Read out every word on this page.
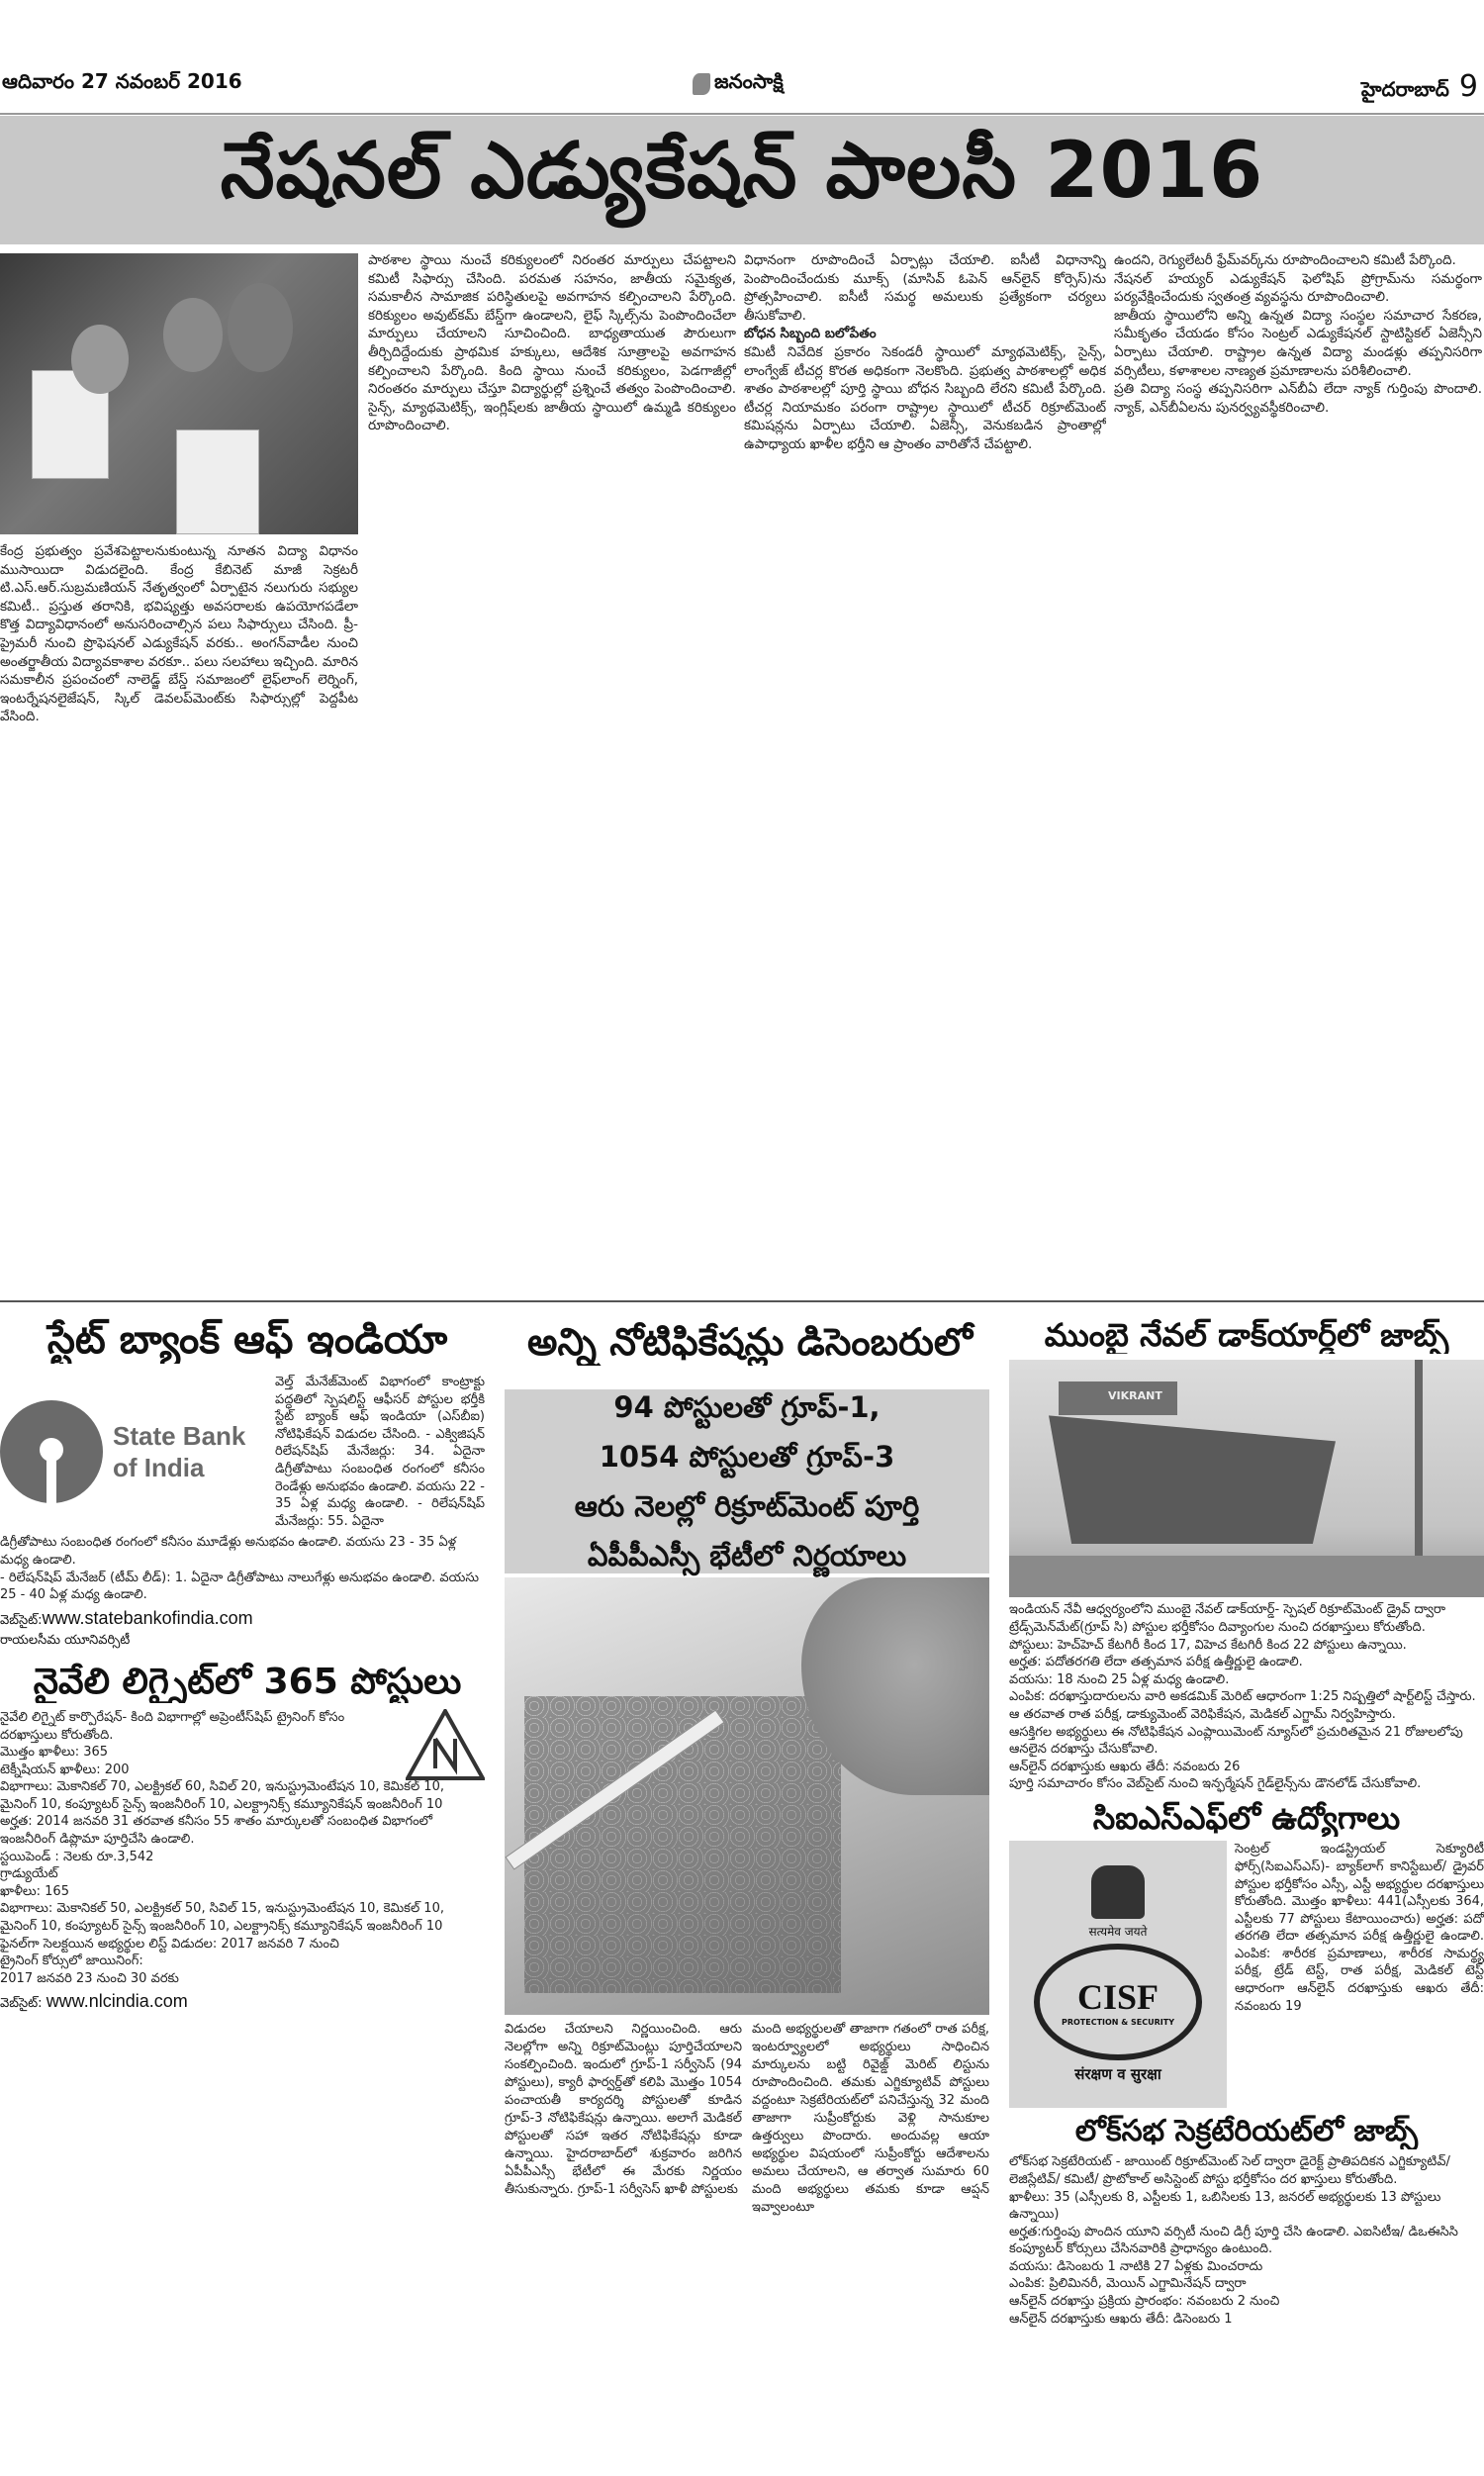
ఆదివారం 27 నవంబర్ 2016	జనంసాక్షి	హైదరాబాద్ 9
నేషనల్ ఎడ్యుకేషన్ పాలసీ 2016

కేంద్ర ప్రభుత్వం ప్రవేశపెట్టాలనుకుంటున్న నూతన విద్యా విధానం ముసాయిదా విడుదలైంది. కేంద్ర కేబినెట్ మాజీ సెక్రటరీ టి.ఎస్.ఆర్.సుబ్రమణియన్ నేతృత్వంలో ఏర్పాటైన నలుగురు సభ్యుల కమిటీ.. ప్రస్తుత తరానికి, భవిష్యత్తు అవసరాలకు ఉపయోగపడేలా కొత్త విద్యావిధానంలో అనుసరించాల్సిన పలు సిఫార్సులు చేసింది. ప్రీ-ప్రైమరీ నుంచి ప్రొఫెషనల్ ఎడ్యుకేషన్ వరకు.. అంగన్‌వాడీల నుంచి అంతర్జాతీయ విద్యావకాశాల వరకూ.. పలు సలహాలు ఇచ్చింది. మారిన సమకాలీన ప్రపంచంలో నాలెడ్జ్ బేస్డ్ సమాజంలో లైఫ్‌లాంగ్ లెర్నింగ్, ఇంటర్నేషనలైజేషన్, స్కిల్ డెవలప్‌మెంట్‌కు సిఫార్సుల్లో పెద్దపీట వేసింది.

పాఠశాల స్థాయి నుంచే కరిక్యులంలో నిరంతర మార్పులు చేపట్టాలని కమిటీ సిఫార్సు చేసింది. పరమత సహనం, జాతీయ సమైక్యత, సమకాలీన సామాజిక పరిస్థితులపై అవగాహన కల్పించాలని పేర్కొంది. కరిక్యులం అవుట్‌కమ్ బేస్డ్‌గా ఉండాలని, లైఫ్ స్కిల్స్‌ను పెంపొందించేలా మార్పులు చేయాలని సూచించింది. బాధ్యతాయుత పౌరులుగా తీర్చిదిద్దేందుకు ప్రాథమిక హక్కులు, ఆదేశిక సూత్రాలపై అవగాహన కల్పించాలని పేర్కొంది. కింది స్థాయి నుంచే కరిక్యులం, పెడగాజీల్లో నిరంతరం మార్పులు చేస్తూ విద్యార్థుల్లో ప్రశ్నించే తత్వం పెంపొందించాలి. సైన్స్, మ్యాథమెటిక్స్, ఇంగ్లిష్‌లకు జాతీయ స్థాయిలో ఉమ్మడి కరిక్యులం రూపొందించాలి.

విధానంగా రూపొందించే ఏర్పాట్లు చేయాలి. ఐసీటీ విధానాన్ని పెంపొందించేందుకు మూక్స్ (మాసివ్ ఓపెన్ ఆన్‌లైన్ కోర్సెస్)ను ప్రోత్సహించాలి. ఐసీటీ సమర్థ అమలుకు ప్రత్యేకంగా చర్యలు తీసుకోవాలి.

బోధన సిబ్బంది బలోపేతం

కమిటీ నివేదిక ప్రకారం సెకండరీ స్థాయిలో మ్యాథమెటిక్స్, సైన్స్, లాంగ్వేజ్ టీచర్ల కొరత అధికంగా నెలకొంది. ప్రభుత్వ పాఠశాలల్లో అధిక శాతం పాఠశాలల్లో పూర్తి స్థాయి బోధన సిబ్బంది లేరని కమిటీ పేర్కొంది. టీచర్ల నియామకం పరంగా రాష్ట్రాల స్థాయిలో టీచర్ రిక్రూట్‌మెంట్ కమిషన్లను ఏర్పాటు చేయాలి. ఏజెన్సీ, వెనుకబడిన ప్రాంతాల్లో ఉపాధ్యాయ ఖాళీల భర్తీని ఆ ప్రాంతం వారితోనే చేపట్టాలి.

ఉందని, రెగ్యులేటరీ ఫ్రేమ్‌వర్క్‌ను రూపొందించాలని కమిటీ పేర్కొంది.

నేషనల్ హయ్యర్ ఎడ్యుకేషన్ ఫెలోషిప్ ప్రోగ్రామ్‌ను సమర్థంగా పర్యవేక్షించేందుకు స్వతంత్ర వ్యవస్థను రూపొందించాలి.

జాతీయ స్థాయిలోని అన్ని ఉన్నత విద్యా సంస్థల సమాచార సేకరణ, సమీకృతం చేయడం కోసం సెంట్రల్ ఎడ్యుకేషనల్ స్టాటిస్టికల్ ఏజెన్సీని ఏర్పాటు చేయాలి. రాష్ట్రాల ఉన్నత విద్యా మండళ్లు తప్పనిసరిగా వర్సిటీలు, కళాశాలల నాణ్యత ప్రమాణాలను పరిశీలించాలి.

ప్రతి విద్యా సంస్థ తప్పనిసరిగా ఎన్‌బీఏ లేదా న్యాక్ గుర్తింపు పొందాలి. న్యాక్, ఎన్‌బీఏలను పునర్వ్యవస్థీకరించాలి.

స్టేట్ బ్యాంక్ ఆఫ్ ఇండియా
State Bank
of India
వెల్త్ మేనేజ్‌మెంట్ విభాగంలో కాంట్రాక్టు పద్ధతిలో స్పెషలిస్ట్ ఆఫీసర్ పోస్టుల భర్తీకి స్టేట్ బ్యాంక్ ఆఫ్ ఇండియా (ఎస్‌బీఐ) నోటిఫికేషన్ విడుదల చేసింది. - ఎక్విజిషన్ రిలేషన్‌షిప్ మేనేజర్లు: 34. ఏదైనా డిగ్రీతోపాటు సంబంధిత రంగంలో కనీసం రెండేళ్లు అనుభవం ఉండాలి. వయసు 22 - 35 ఏళ్ల మధ్య ఉండాలి. - రిలేషన్‌షిప్ మేనేజర్లు: 55. ఏదైనా

డిగ్రీతోపాటు సంబంధిత రంగంలో కనీసం మూడేళ్లు అనుభవం ఉండాలి. వయసు 23 - 35 ఏళ్ల మధ్య ఉండాలి.

- రిలేషన్‌షిప్ మేనేజర్ (టీమ్ లీడ్): 1. ఏదైనా డిగ్రీతోపాటు నాలుగేళ్లు అనుభవం ఉండాలి. వయసు 25 - 40 ఏళ్ల మధ్య ఉండాలి.

వెబ్‌సైట్:www.statebankofindia.com
రాయలసీమ యూనివర్సిటీ
నైవేలి లిగ్నైట్‌లో 365 పోస్టులు

నైవేలి లిగ్నైట్ కార్పొరేషన్- కింది విభాగాల్లో అప్రెంటీస్‌షిప్ ట్రైనింగ్ కోసం దరఖాస్తులు కోరుతోంది.

మొత్తం ఖాళీలు: 365

టెక్నీషియన్ ఖాళీలు: 200

విభాగాలు: మెకానికల్ 70, ఎలక్ట్రికల్ 60, సివిల్ 20, ఇనుస్ట్రుమెంటేషన 10, కెమికల్ 10, మైనింగ్ 10, కంప్యూటర్ సైన్స్ ఇంజనీరింగ్ 10, ఎలక్ట్రానిక్స్ కమ్యూనికేషన్ ఇంజనీరింగ్ 10

అర్హత: 2014 జనవరి 31 తరవాత కనీసం 55 శాతం మార్కులతో సంబంధిత విభాగంలో ఇంజనీరింగ్ డిప్లొమా పూర్తిచేసి ఉండాలి.

స్టయిపెండ్ : నెలకు రూ.3,542

గ్రాడ్యుయేట్

ఖాళీలు: 165

విభాగాలు: మెకానికల్ 50, ఎలక్ట్రికల్ 50, సివిల్ 15, ఇనుస్ట్రుమెంటేషన 10, కెమికల్ 10, మైనింగ్ 10, కంప్యూటర్ సైన్స్ ఇంజనీరింగ్ 10, ఎలక్ట్రానిక్స్ కమ్యూనికేషన్ ఇంజనీరింగ్ 10

ఫైనల్‌గా సెలక్టయిన అభ్యర్థుల లిస్ట్ విడుదల: 2017 జనవరి 7 నుంచి

ట్రైనింగ్ కోర్సులో జాయినింగ్:

2017 జనవరి 23 నుంచి 30 వరకు

వెబ్‌సైట్: www.nlcindia.com
అన్ని నోటిఫికేషన్లు డిసెంబరులో
94 పోస్టులతో గ్రూప్-1,
1054 పోస్టులతో గ్రూప్-3
ఆరు నెలల్లో రిక్రూట్‌మెంట్ పూర్తి
ఏపీపీఎస్సీ భేటీలో నిర్ణయాలు
విడుదల చేయాలని నిర్ణయించింది. ఆరు నెలల్లోగా అన్ని రిక్రూట్‌మెంట్లు పూర్తిచేయాలని సంకల్పించింది. ఇందులో గ్రూప్-1 సర్వీసెస్ (94 పోస్టులు), క్యారీ ఫార్వర్డ్‌తో కలిపి మొత్తం 1054 పంచాయతీ కార్యదర్శి పోస్టులతో కూడిన గ్రూప్-3 నోటిఫికేషన్లు ఉన్నాయి. అలాగే మెడికల్ పోస్టులతో సహా ఇతర నోటిఫికేషన్లు కూడా ఉన్నాయి. హైదరాబాద్‌లో శుక్రవారం జరిగిన ఏపీపీఎస్సీ భేటీలో ఈ మేరకు నిర్ణయం తీసుకున్నారు. గ్రూప్-1 సర్వీసెస్ ఖాళీ పోస్టులకు
మంది అభ్యర్థులతో తాజాగా గతంలో రాత పరీక్ష, ఇంటర్వ్యూలలో అభ్యర్థులు సాధించిన మార్కులను బట్టి రివైజ్డ్ మెరిట్ లిస్టును రూపొందించింది. తమకు ఎగ్జిక్యూటివ్ పోస్టులు వద్దంటూ సెక్రటేరియట్‌లో పనిచేస్తున్న 32 మంది తాజాగా సుప్రీంకోర్టుకు వెళ్లి సానుకూల ఉత్తర్వులు పొందారు. అందువల్ల ఆయా అభ్యర్థుల విషయంలో సుప్రీంకోర్టు ఆదేశాలను అమలు చేయాలని, ఆ తర్వాత సుమారు 60 మంది అభ్యర్థులు తమకు కూడా ఆప్షన్ ఇవ్వాలంటూ
ముంబై నేవల్ డాక్‌యార్డ్‌లో జాబ్స్
VIKRANT

ఇండియన్ నేవీ ఆధ్వర్యంలోని ముంబై నేవల్ డాక్‌యార్డ్- స్పెషల్ రిక్రూట్‌మెంట్ డ్రైవ్ ద్వారా ట్రేడ్స్‌మెన్‌మేట్(గ్రూప్ సి) పోస్టుల భర్తీకోసం దివ్యాంగుల నుంచి దరఖాస్తులు కోరుతోంది.

పోస్టులు: హెచ్‌హెచ్ కేటగిరీ కింద 17, విహెచ కేటగిరీ కింద 22 పోస్టులు ఉన్నాయి.

అర్హత: పదోతరగతి లేదా తత్సమాన పరీక్ష ఉత్తీర్ణులై ఉండాలి.

వయసు: 18 నుంచి 25 ఏళ్ల మధ్య ఉండాలి.

ఎంపిక: దరఖాస్తుదారులను వారి అకడమిక్ మెరిట్ ఆధారంగా 1:25 నిష్పత్తిలో షార్ట్‌లిస్ట్ చేస్తారు. ఆ తరవాత రాత పరీక్ష, డాక్యుమెంట్ వెరిఫికేషన, మెడికల్ ఎగ్జామ్ నిర్వహిస్తారు.

ఆసక్తిగల అభ్యర్థులు ఈ నోటిఫికేషన ఎంప్లాయిమెంట్ న్యూస్‌లో ప్రచురితమైన 21 రోజులలోపు ఆనలైన దరఖాస్తు చేసుకోవాలి.

ఆన్‌లైన్ దరఖాస్తుకు ఆఖరు తేదీ: నవంబరు 26

పూర్తి సమాచారం కోసం వెబ్‌సైట్ నుంచి ఇన్ఫర్మేషన్ గైడ్‌లైన్స్‌ను డౌనలోడ్ చేసుకోవాలి.

సిఐఎస్‌ఎఫ్‌లో ఉద్యోగాలు
सत्यमेव जयते
CISF
PROTECTION & SECURITY
संरक्षण व सुरक्षा
సెంట్రల్ ఇండస్ట్రియల్ సెక్యూరిటీ ఫోర్స్(సిఐఎస్‌ఎస్)- బ్యాక్‌లాగ్ కానిస్టేబుల్/ డ్రైవర్ పోస్టుల భర్తీకోసం ఎస్సీ, ఎస్టీ అభ్యర్థుల దరఖాస్తులు కోరుతోంది. మొత్తం ఖాళీలు: 441(ఎస్సీలకు 364, ఎస్టీలకు 77 పోస్టులు కేటాయించారు) అర్హత: పదో తరగతి లేదా తత్సమాన పరీక్ష ఉత్తీర్ణులై ఉండాలి. ఎంపిక: శారీరక ప్రమాణాలు, శారీరక సామర్థ్య పరీక్ష, ట్రేడ్ టెస్ట్, రాత పరీక్ష, మెడికల్ టెస్ట్ ఆధారంగా ఆన్‌లైన్ దరఖాస్తుకు ఆఖరు తేదీ: నవంబరు 19
లోక్‌సభ సెక్రటేరియట్‌లో జాబ్స్

లోక్‌సభ సెక్రటేరియట్ - జాయింట్ రిక్రూట్‌మెంట్ సెల్ ద్వారా డైరెక్ట్ ప్రాతిపదికన ఎగ్జిక్యూటివ్/ లెజిస్లేటివ్/ కమిటీ/ ప్రొటోకాల్ అసిస్టెంట్ పోస్టు భర్తీకోసం దర ఖాస్తులు కోరుతోంది.

ఖాళీలు: 35 (ఎస్సీలకు 8, ఎస్టీలకు 1, ఒబిసిలకు 13, జనరల్ అభ్యర్థులకు 13 పోస్టులు ఉన్నాయి)

అర్హత:గుర్తింపు పొందిన యూని వర్సిటీ నుంచి డిగ్రీ పూర్తి చేసి ఉండాలి. ఎఐసిటీఇ/ డిఒఈసిసి కంప్యూటర్ కోర్సులు చేసినవారికి ప్రాధాన్యం ఉంటుంది.

వయసు: డిసెంబరు 1 నాటికి 27 ఏళ్లకు మించరాదు

ఎంపిక: ప్రిలిమినరీ, మెయిన్ ఎగ్జామినేషన్ ద్వారా

ఆన్‌లైన్ దరఖాస్తు ప్రక్రియ ప్రారంభం: నవంబరు 2 నుంచి

ఆన్‌లైన్ దరఖాస్తుకు ఆఖరు తేదీ: డిసెంబరు 1
